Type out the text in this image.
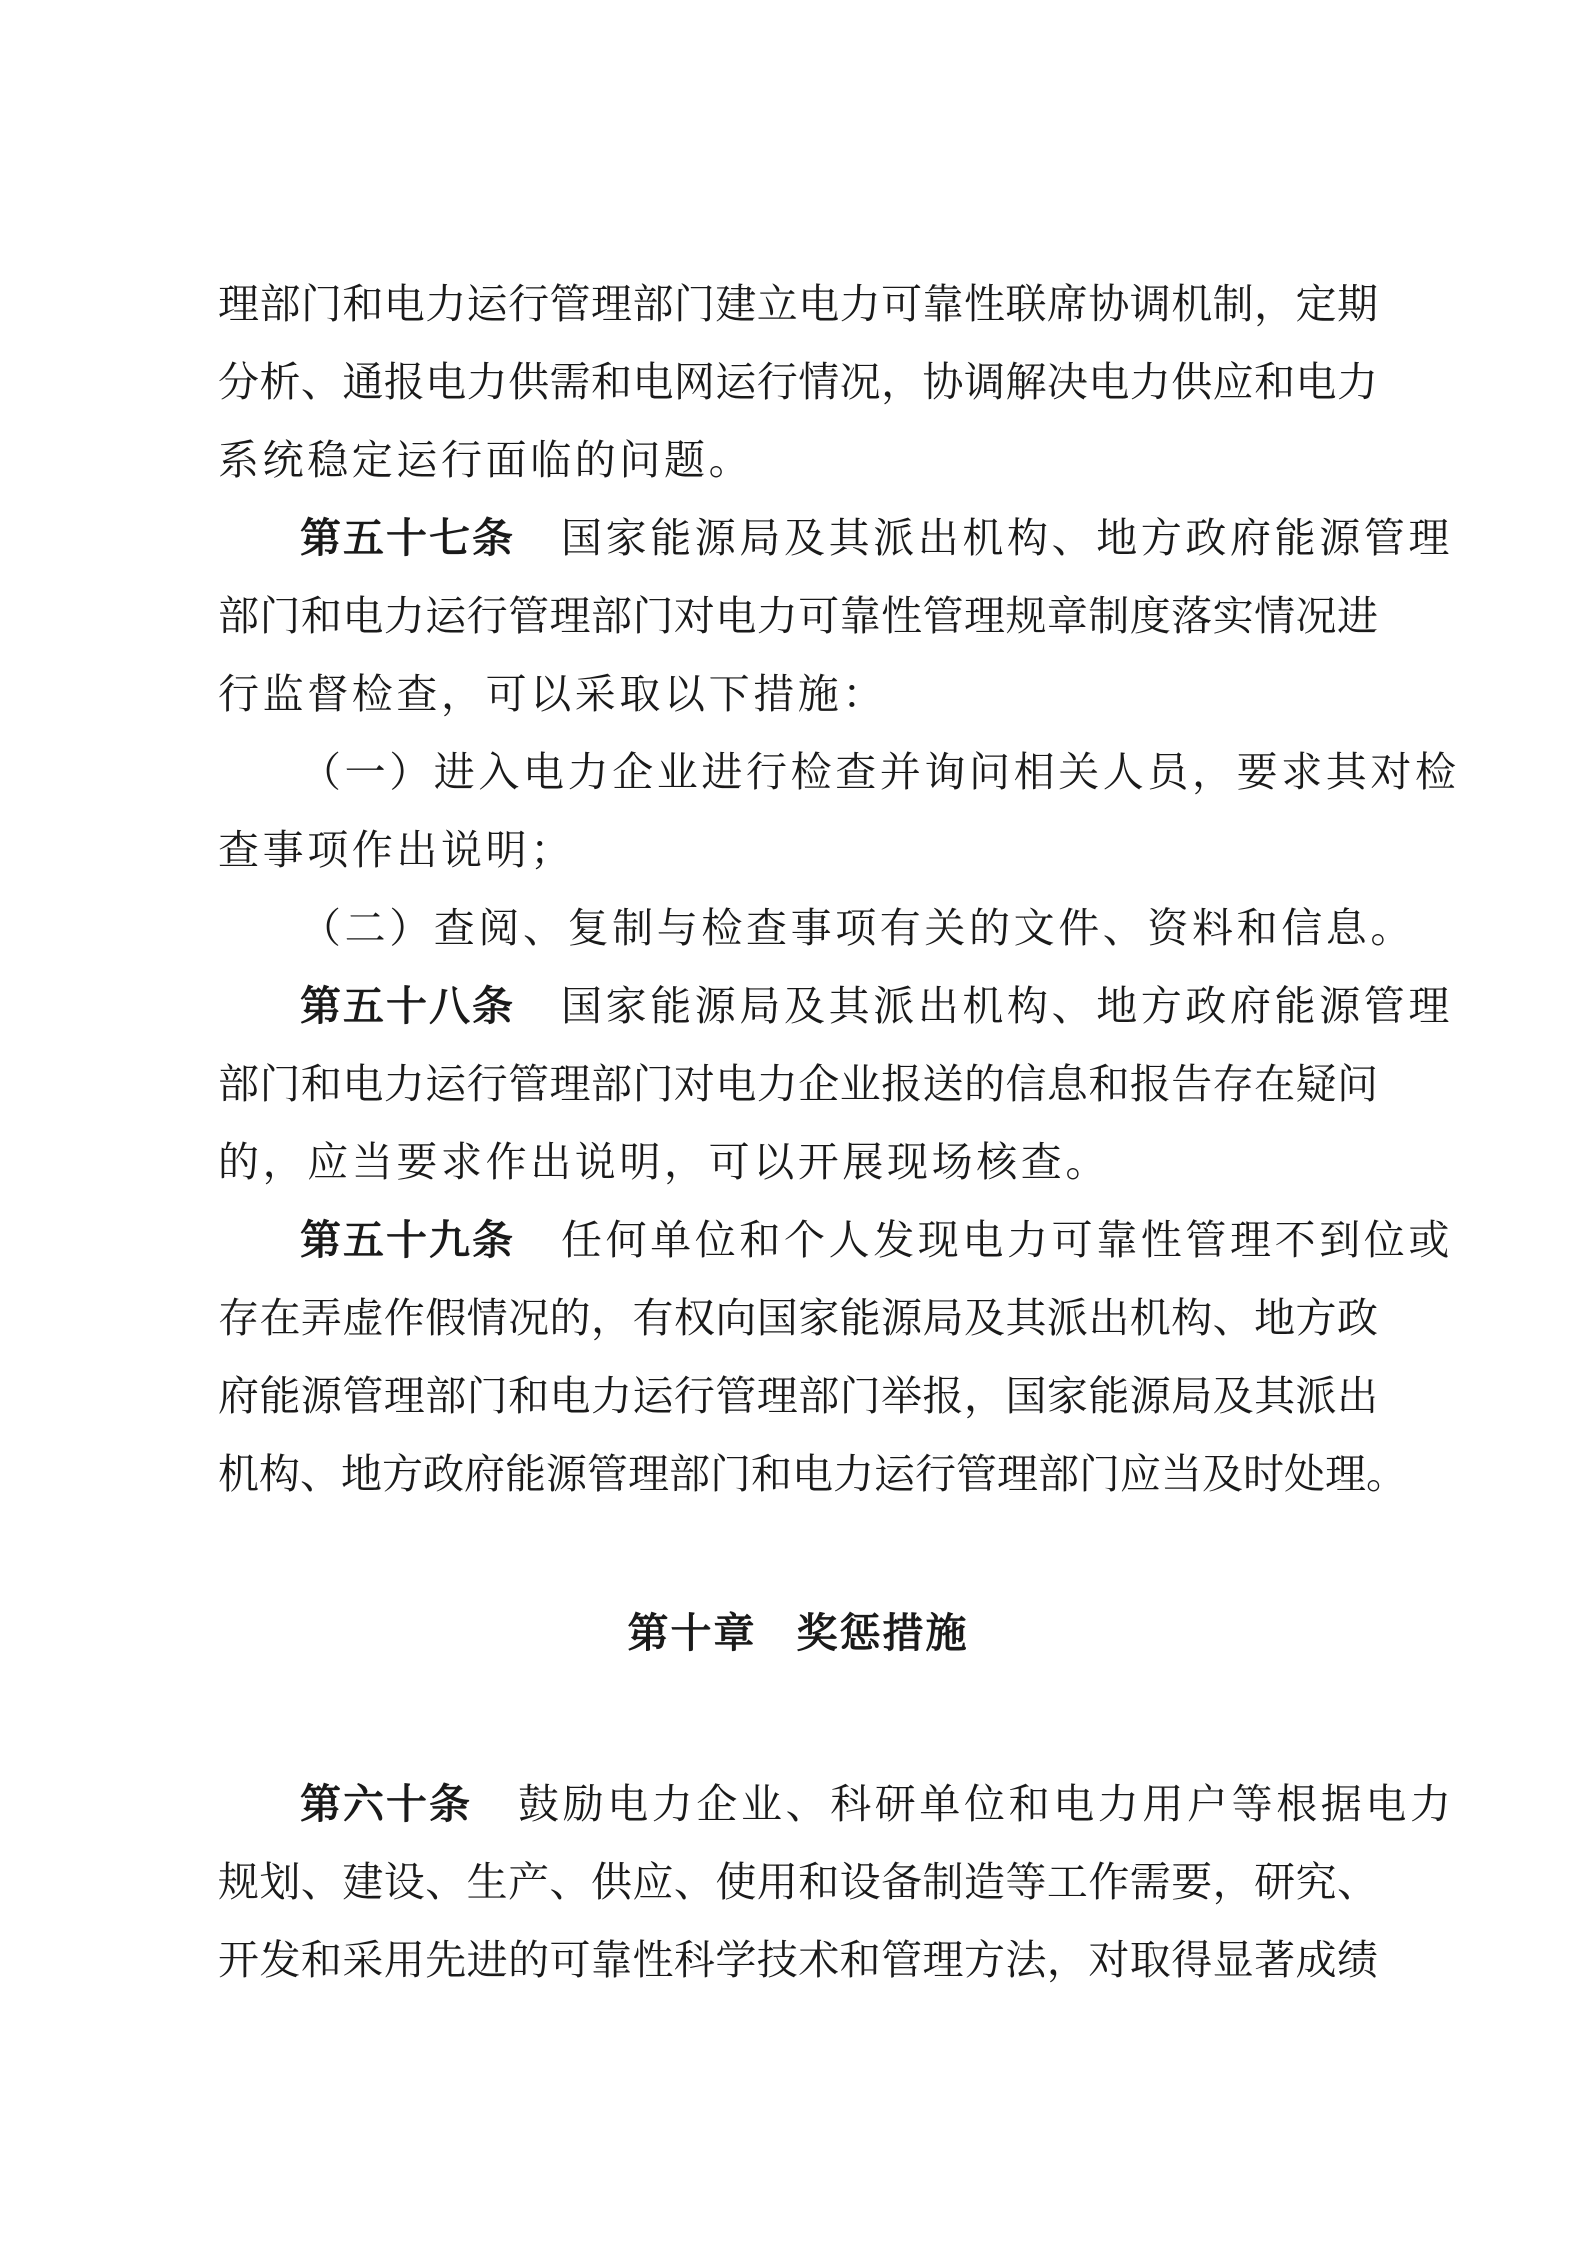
理部门和电力运行管理部门建立电力可靠性联席协调机制，定期
分析、通报电力供需和电网运行情况，协调解决电力供应和电力
系统稳定运行面临的问题。
第五十七条 国家能源局及其派出机构、地方政府能源管理
部门和电力运行管理部门对电力可靠性管理规章制度落实情况进
行监督检查，可以采取以下措施：
（一）进入电力企业进行检查并询问相关人员，要求其对检
查事项作出说明；
（二）查阅、复制与检查事项有关的文件、资料和信息。
第五十八条 国家能源局及其派出机构、地方政府能源管理
部门和电力运行管理部门对电力企业报送的信息和报告存在疑问
的，应当要求作出说明，可以开展现场核查。
第五十九条 任何单位和个人发现电力可靠性管理不到位或
存在弄虚作假情况的，有权向国家能源局及其派出机构、地方政
府能源管理部门和电力运行管理部门举报，国家能源局及其派出
机构、地方政府能源管理部门和电力运行管理部门应当及时处理。
第十章 奖惩措施
第六十条 鼓励电力企业、科研单位和电力用户等根据电力
规划、建设、生产、供应、使用和设备制造等工作需要，研究、
开发和采用先进的可靠性科学技术和管理方法，对取得显著成绩
